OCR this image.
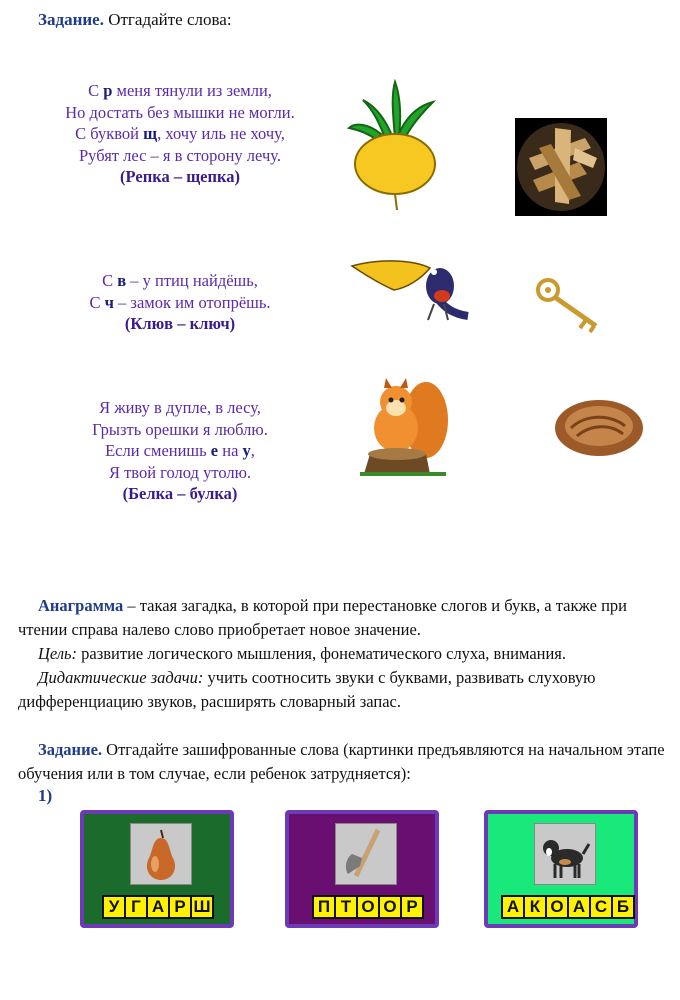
Задание. Отгадайте слова:
С р меня тянули из земли,
Но достать без мышки не могли.
С буквой щ, хочу иль не хочу,
Рубят лес – я в сторону лечу.
(Репка – щепка)
С в – у птиц найдёшь,
С ч – замок им отопрёшь.
(Клюв – ключ)
Я живу в дупле, в лесу,
Грызть орешки я люблю.
Если сменишь е на у,
Я твой голод утолю.
(Белка – булка)
Анаграмма – такая загадка, в которой при перестановке слогов и букв, а также при чтении справа налево слово приобретает новое значение.
Цель: развитие логического мышления, фонематического слуха, внимания.
Дидактические задачи: учить соотносить звуки с буквами, развивать слуховую дифференциацию звуков, расширять словарный запас.
Задание. Отгадайте зашифрованные слова (картинки предъявляются на начальном этапе обучения или в том случае, если ребенок затрудняется):
1)
У Г А Р Ш	П Т О О Р	А К О А С Б
